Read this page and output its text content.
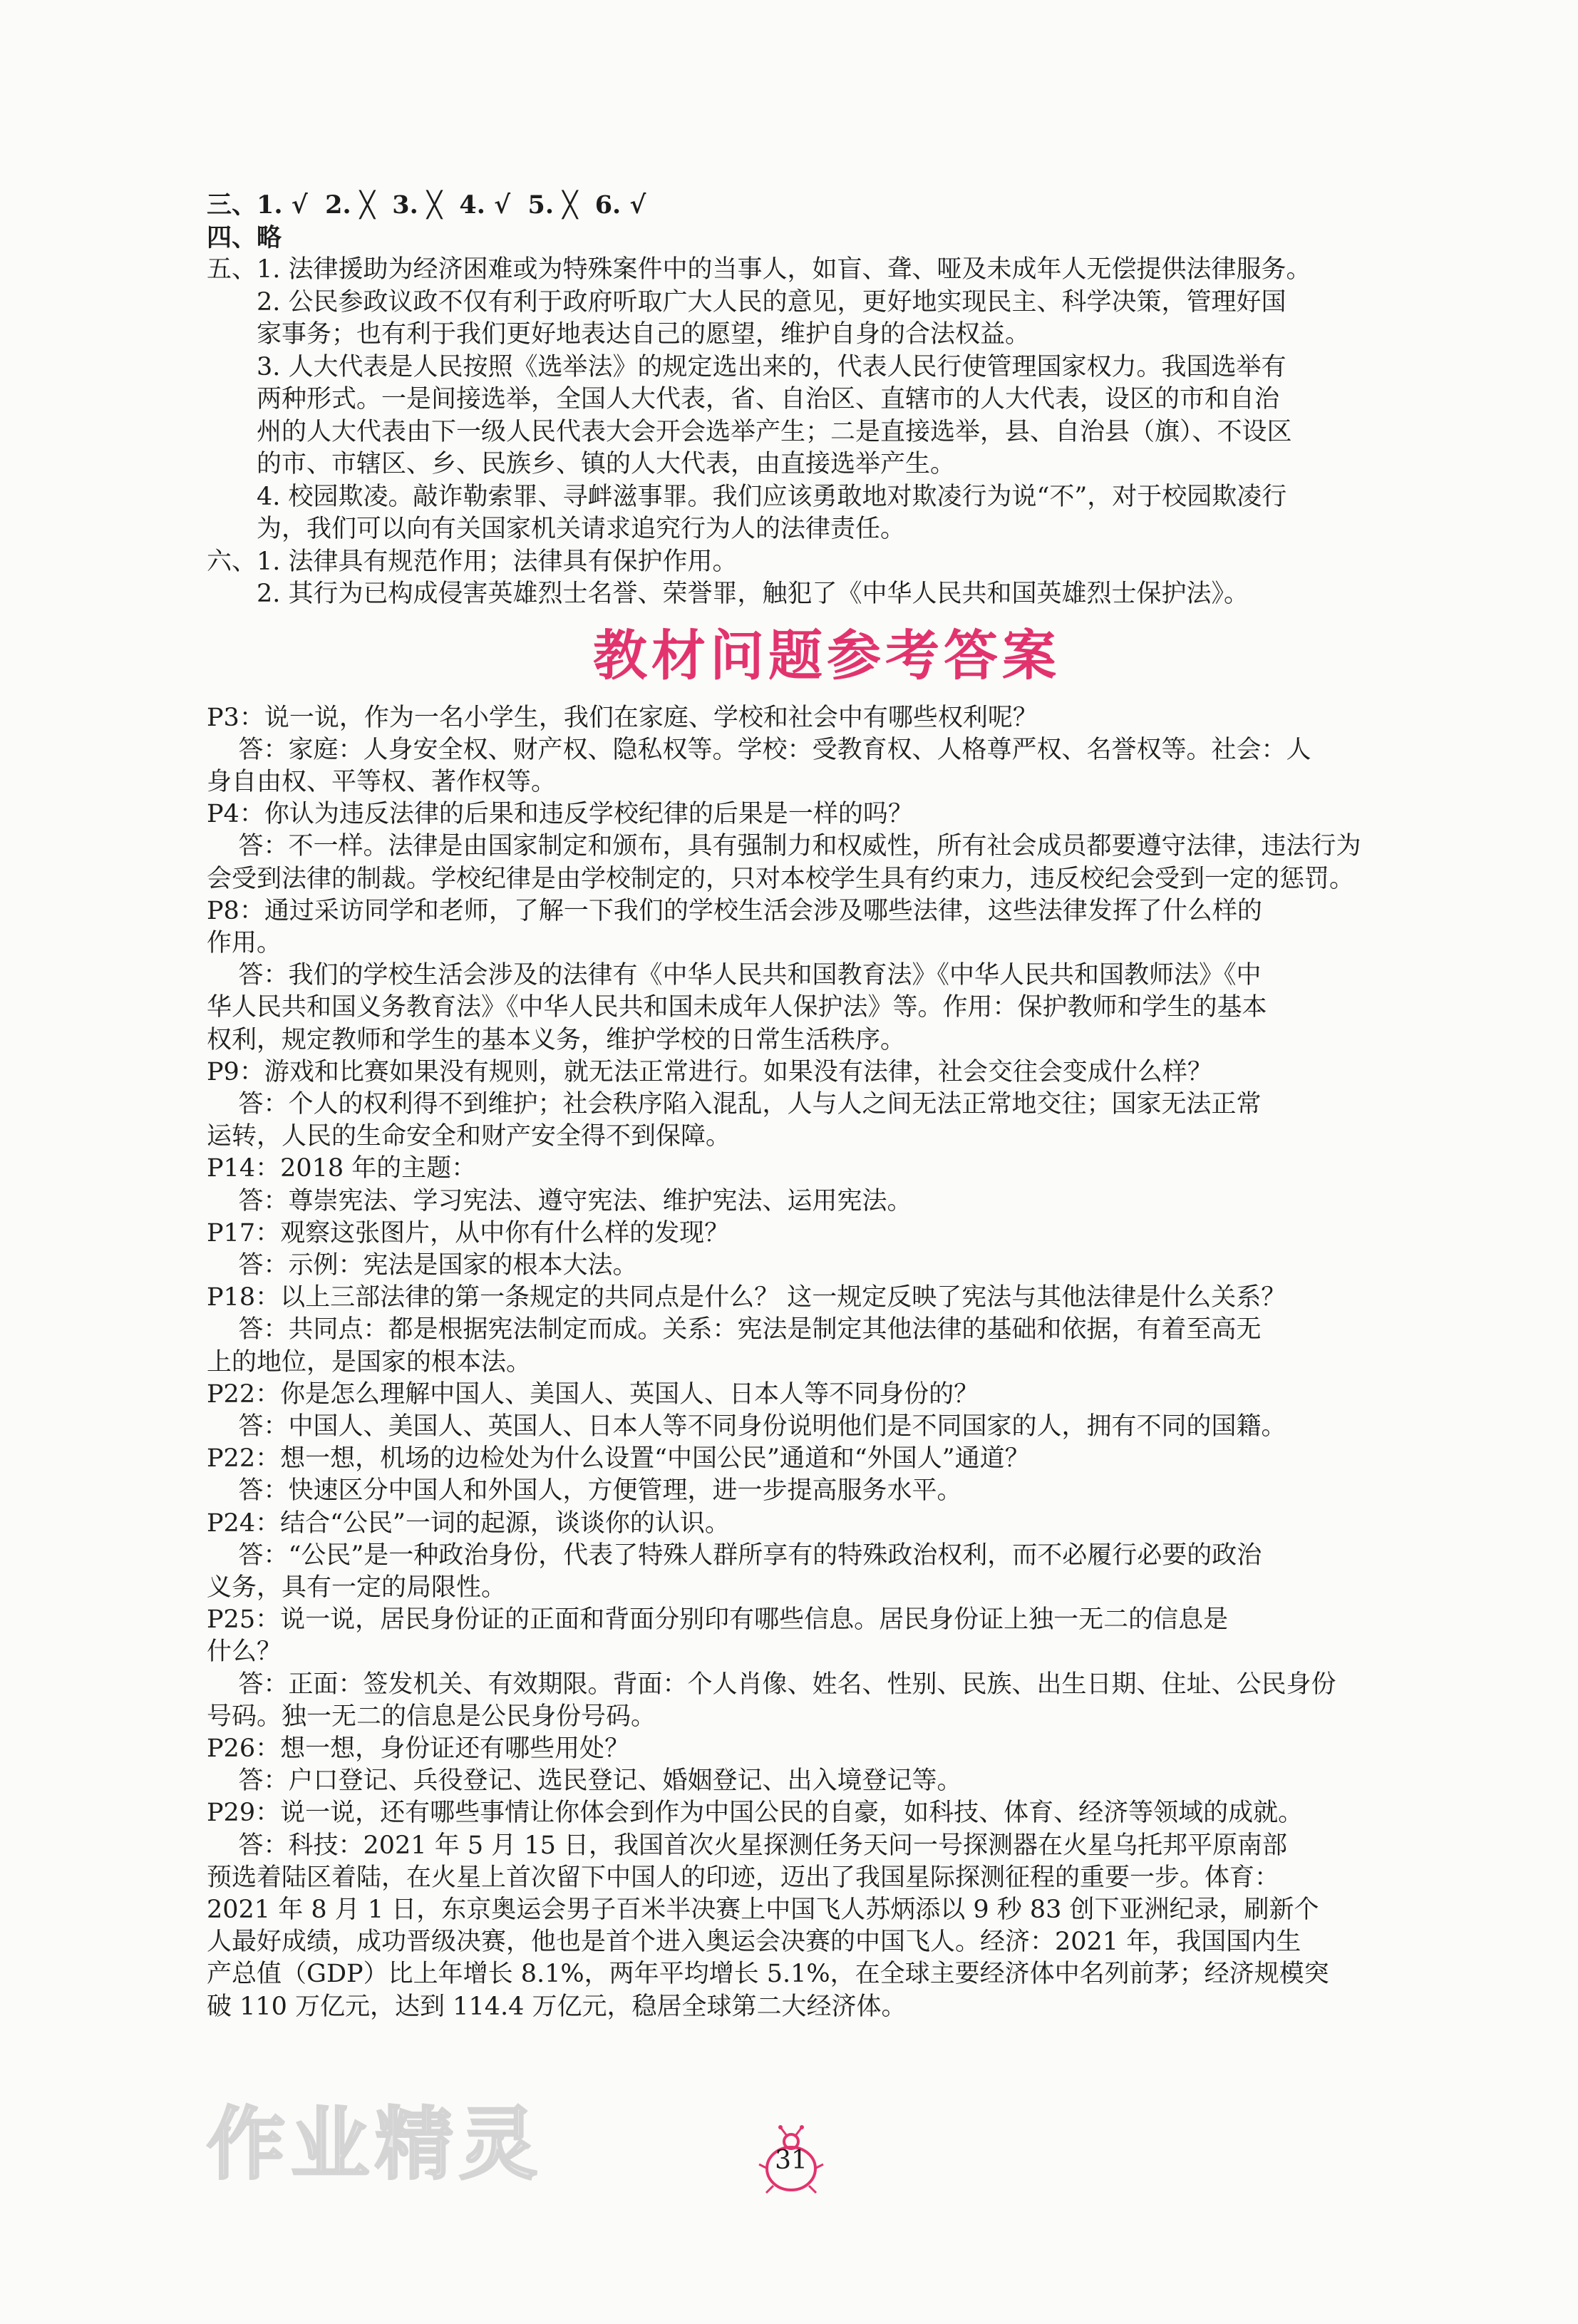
三、1. √  2. ╳  3. ╳  4. √  5. ╳  6. √
四、略
五、1. 法律援助为经济困难或为特殊案件中的当事人，如盲、聋、哑及未成年人无偿提供法律服务。
2. 公民参政议政不仅有利于政府听取广大人民的意见，更好地实现民主、科学决策，管理好国
家事务；也有利于我们更好地表达自己的愿望，维护自身的合法权益。
3. 人大代表是人民按照《选举法》的规定选出来的，代表人民行使管理国家权力。我国选举有
两种形式。一是间接选举，全国人大代表，省、自治区、直辖市的人大代表，设区的市和自治
州的人大代表由下一级人民代表大会开会选举产生；二是直接选举，县、自治县（旗）、不设区
的市、市辖区、乡、民族乡、镇的人大代表，由直接选举产生。
4. 校园欺凌。敲诈勒索罪、寻衅滋事罪。我们应该勇敢地对欺凌行为说“不”，对于校园欺凌行
为，我们可以向有关国家机关请求追究行为人的法律责任。
六、1. 法律具有规范作用；法律具有保护作用。
2. 其行为已构成侵害英雄烈士名誉、荣誉罪，触犯了《中华人民共和国英雄烈士保护法》。
教材问题参考答案
P3：说一说，作为一名小学生，我们在家庭、学校和社会中有哪些权利呢？
答：家庭：人身安全权、财产权、隐私权等。学校：受教育权、人格尊严权、名誉权等。社会：人
身自由权、平等权、著作权等。
P4：你认为违反法律的后果和违反学校纪律的后果是一样的吗？
答：不一样。法律是由国家制定和颁布，具有强制力和权威性，所有社会成员都要遵守法律，违法行为
会受到法律的制裁。学校纪律是由学校制定的，只对本校学生具有约束力，违反校纪会受到一定的惩罚。
P8：通过采访同学和老师，了解一下我们的学校生活会涉及哪些法律，这些法律发挥了什么样的
作用。
答：我们的学校生活会涉及的法律有《中华人民共和国教育法》《中华人民共和国教师法》《中
华人民共和国义务教育法》《中华人民共和国未成年人保护法》等。作用：保护教师和学生的基本
权利，规定教师和学生的基本义务，维护学校的日常生活秩序。
P9：游戏和比赛如果没有规则，就无法正常进行。如果没有法律，社会交往会变成什么样？
答：个人的权利得不到维护；社会秩序陷入混乱，人与人之间无法正常地交往；国家无法正常
运转，人民的生命安全和财产安全得不到保障。
P14：2018 年的主题：
答：尊崇宪法、学习宪法、遵守宪法、维护宪法、运用宪法。
P17：观察这张图片，从中你有什么样的发现？
答：示例：宪法是国家的根本大法。
P18：以上三部法律的第一条规定的共同点是什么？ 这一规定反映了宪法与其他法律是什么关系？
答：共同点：都是根据宪法制定而成。关系：宪法是制定其他法律的基础和依据，有着至高无
上的地位，是国家的根本法。
P22：你是怎么理解中国人、美国人、英国人、日本人等不同身份的？
答：中国人、美国人、英国人、日本人等不同身份说明他们是不同国家的人，拥有不同的国籍。
P22：想一想，机场的边检处为什么设置“中国公民”通道和“外国人”通道？
答：快速区分中国人和外国人，方便管理，进一步提高服务水平。
P24：结合“公民”一词的起源，谈谈你的认识。
答：“公民”是一种政治身份，代表了特殊人群所享有的特殊政治权利，而不必履行必要的政治
义务，具有一定的局限性。
P25：说一说，居民身份证的正面和背面分别印有哪些信息。居民身份证上独一无二的信息是
什么？
答：正面：签发机关、有效期限。背面：个人肖像、姓名、性别、民族、出生日期、住址、公民身份
号码。独一无二的信息是公民身份号码。
P26：想一想，身份证还有哪些用处？
答：户口登记、兵役登记、选民登记、婚姻登记、出入境登记等。
P29：说一说，还有哪些事情让你体会到作为中国公民的自豪，如科技、体育、经济等领域的成就。
答：科技：2021 年 5 月 15 日，我国首次火星探测任务天问一号探测器在火星乌托邦平原南部
预选着陆区着陆，在火星上首次留下中国人的印迹，迈出了我国星际探测征程的重要一步。体育：
2021 年 8 月 1 日，东京奥运会男子百米半决赛上中国飞人苏炳添以 9 秒 83 创下亚洲纪录，刷新个
人最好成绩，成功晋级决赛，他也是首个进入奥运会决赛的中国飞人。经济：2021 年，我国国内生
产总值（GDP）比上年增长 8.1%，两年平均增长 5.1%，在全球主要经济体中名列前茅；经济规模突
破 110 万亿元，达到 114.4 万亿元，稳居全球第二大经济体。
作业精灵	31
